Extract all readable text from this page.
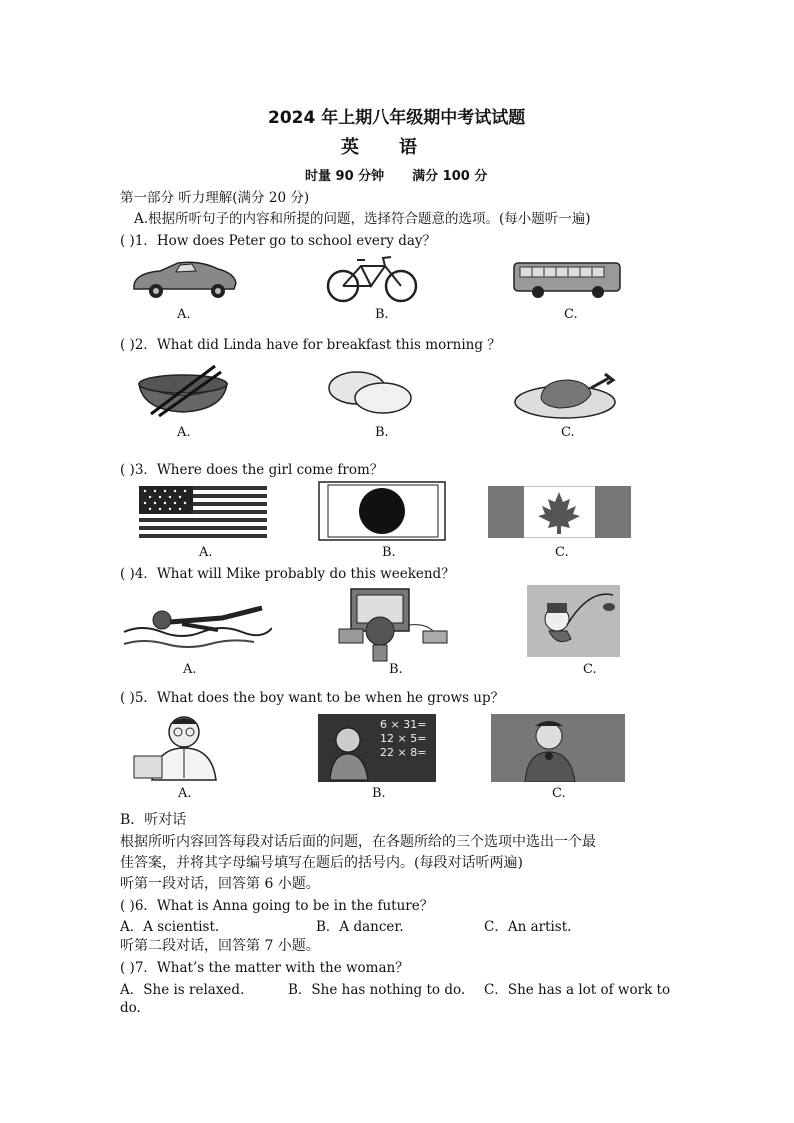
2024 年上期八年级期中考试试题
英 语
时量 90 分钟 满分 100 分
第一部分 听力理解(满分 20 分)
A.根据所听句子的内容和所提的问题，选择符合题意的选项。(每小题听一遍)
( )1．How does Peter go to school every day？
A.	B.	C.
( )2．What did Linda have for breakfast this morning ？
A.	B.	C.
( )3．Where does the girl come from？
A.	B.	C.
( )4．What will Mike probably do this weekend？
A.	B.	C.
( )5．What does the boy want to be when he grows up？
6 × 31=
12 × 5=
22 × 8=
A.	B.	C.
B．听对话
根据所听内容回答每段对话后面的问题，在各题所给的三个选项中选出一个最
佳答案，并将其字母编号填写在题后的括号内。(每段对话听两遍)
听第一段对话，回答第 6 小题。
( )6．What is Anna going to be in the future？
A．A scientist.	B．A dancer.	C．An artist.
听第二段对话，回答第 7 小题。
( )7．What’s the matter with the woman？
A．She is relaxed.	B．She has nothing to do. C．She has a lot of work to
do.
